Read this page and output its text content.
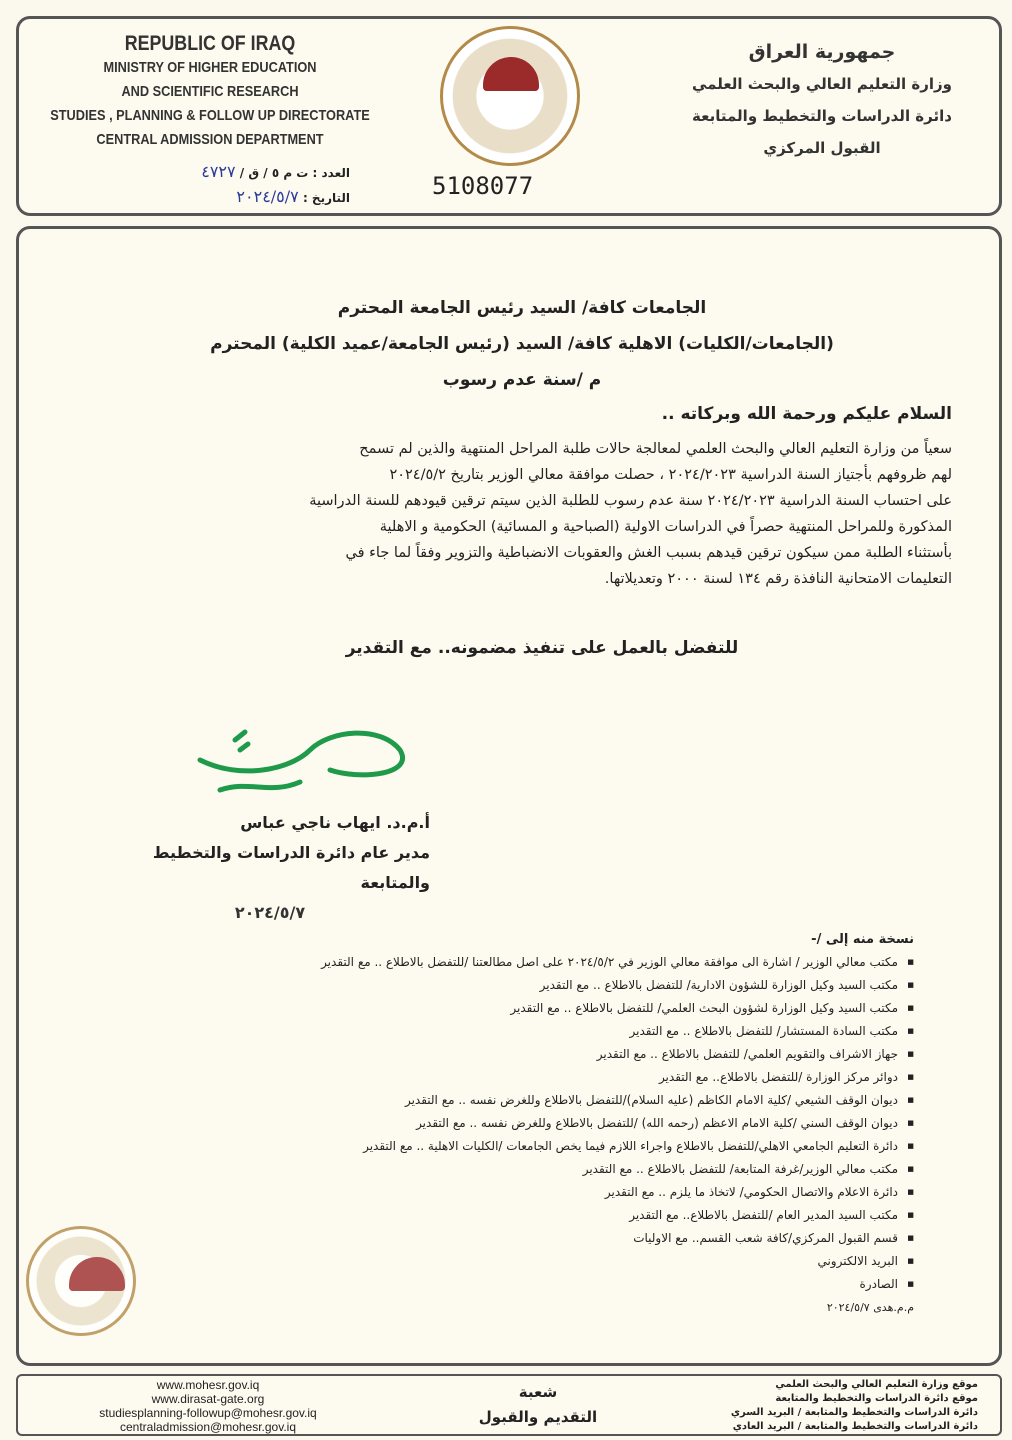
REPUBLIC OF IRAQ
MINISTRY OF HIGHER EDUCATION
AND SCIENTIFIC RESEARCH
STUDIES , PLANNING & FOLLOW UP DIRECTORATE
CENTRAL ADMISSION DEPARTMENT
5108077
العدد : ت م ٥ / ق / ٤٧٢٧
التاريخ : ٢٠٢٤/٥/٧
جمهورية العراق
وزارة التعليم العالي والبحث العلمي
دائرة الدراسات والتخطيط والمتابعة
القبول المركزي
الجامعات كافة/ السيد رئيس الجامعة المحترم
(الجامعات/الكليات) الاهلية كافة/ السيد (رئيس الجامعة/عميد الكلية) المحترم
م /سنة عدم رسوب
السلام عليكم ورحمة الله وبركاته ..
سعياً من وزارة التعليم العالي والبحث العلمي لمعالجة حالات طلبة المراحل المنتهية والذين لم تسمح
لهم ظروفهم بأجتياز السنة الدراسية ٢٠٢٤/٢٠٢٣ ، حصلت موافقة معالي الوزير بتاريخ ٢٠٢٤/٥/٢
على احتساب السنة الدراسية ٢٠٢٤/٢٠٢٣ سنة عدم رسوب للطلبة الذين سيتم ترقين قيودهم للسنة الدراسية
المذكورة وللمراحل المنتهية حصراً في الدراسات الاولية (الصباحية و المسائية) الحكومية و الاهلية
بأستثناء الطلبة ممن سيكون ترقين قيدهم بسبب الغش والعقوبات الانضباطية والتزوير وفقاً لما جاء في
التعليمات الامتحانية النافذة رقم ١٣٤ لسنة ٢٠٠٠ وتعديلاتها.
للتفضل بالعمل على تنفيذ مضمونه.. مع التقدير
أ.م.د. ايهاب ناجي عباس
مدير عام دائرة الدراسات والتخطيط والمتابعة
٢٠٢٤/٥/٧
نسخة منه إلى /-
■ مكتب معالي الوزير / اشارة الى موافقة معالي الوزير في ٢٠٢٤/٥/٢ على اصل مطالعتنا /للتفضل بالاطلاع .. مع التقدير
■ مكتب السيد وكيل الوزارة للشؤون الادارية/ للتفضل بالاطلاع .. مع التقدير
■ مكتب السيد وكيل الوزارة لشؤون البحث العلمي/ للتفضل بالاطلاع .. مع التقدير
■ مكتب السادة المستشار/ للتفضل بالاطلاع .. مع التقدير
■ جهاز الاشراف والتقويم العلمي/ للتفضل بالاطلاع .. مع التقدير
■ دوائر مركز الوزارة /للتفضل بالاطلاع.. مع التقدير
■ ديوان الوقف الشيعي /كلية الامام الكاظم (عليه السلام)/للتفضل بالاطلاع وللغرض نفسه .. مع التقدير
■ ديوان الوقف السني /كلية الامام الاعظم (رحمه الله) /للتفضل بالاطلاع وللغرض نفسه .. مع التقدير
■ دائرة التعليم الجامعي الاهلي/للتفضل بالاطلاع واجراء اللازم فيما يخص الجامعات /الكليات الاهلية .. مع التقدير
■ مكتب معالي الوزير/غرفة المتابعة/ للتفضل بالاطلاع .. مع التقدير
■ دائرة الاعلام والاتصال الحكومي/ لاتخاذ ما يلزم .. مع التقدير
■ مكتب السيد المدير العام /للتفضل بالاطلاع.. مع التقدير
■ قسم القبول المركزي/كافة شعب القسم.. مع الاوليات
■ البريد الالكتروني
■ الصادرة
م.م.هدى ٢٠٢٤/٥/٧
موقع وزارة التعليم العالي والبحث العلمي
موقع دائرة الدراسات والتخطيط والمتابعة
دائرة الدراسات والتخطيط والمتابعة / البريد السري
دائرة الدراسات والتخطيط والمتابعة / البريد العادي
شعبة
التقديم والقبول
www.mohesr.gov.iq
www.dirasat-gate.org
studiesplanning-followup@mohesr.gov.iq
centraladmission@mohesr.gov.iq
